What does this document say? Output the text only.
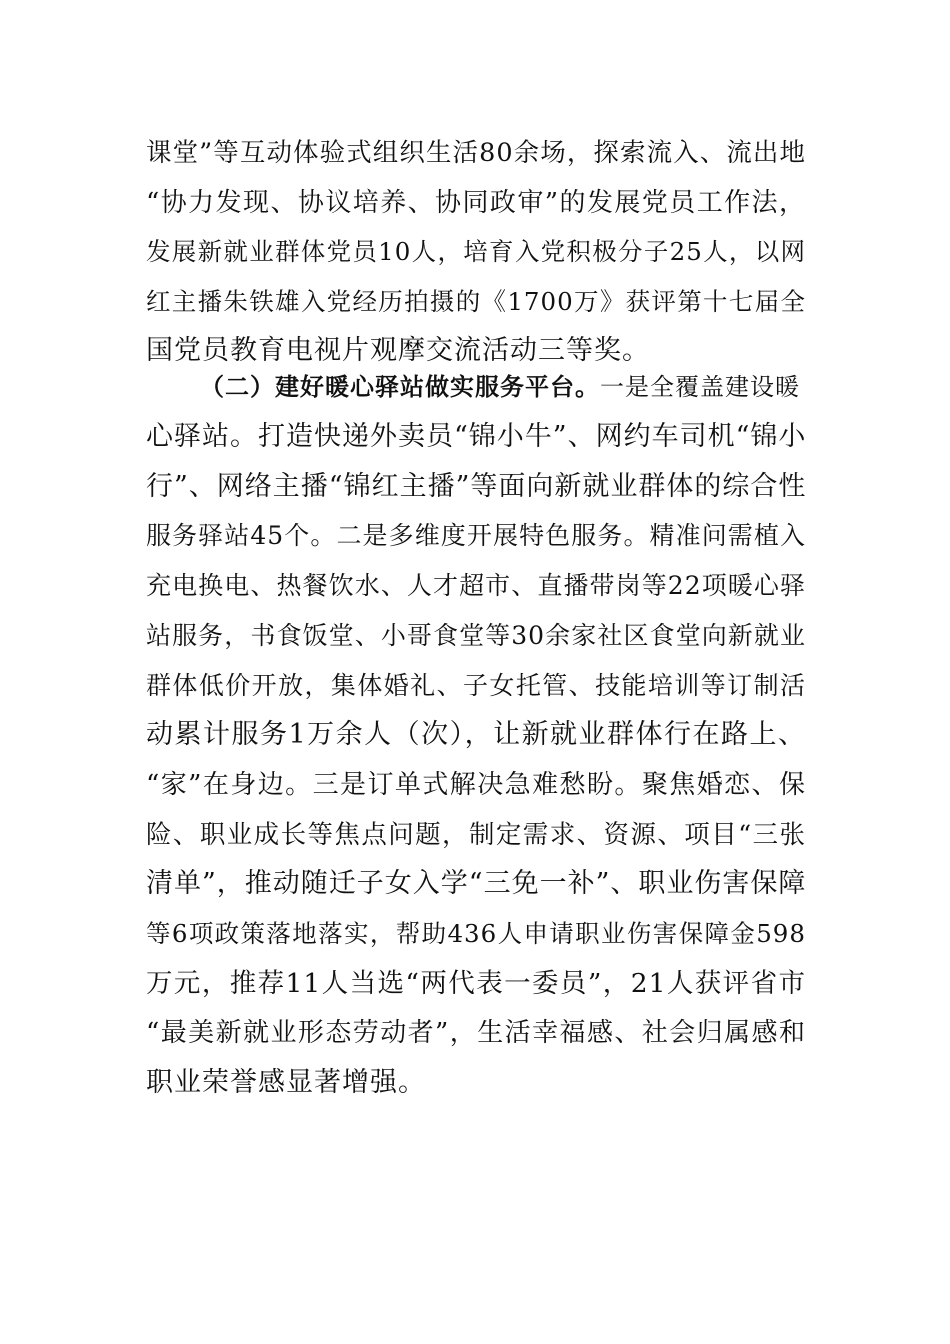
课堂”等互动体验式组织生活80余场，探索流入、流出地
“协力发现、协议培养、协同政审”的发展党员工作法，
发展新就业群体党员10人，培育入党积极分子25人，以网
红主播朱铁雄入党经历拍摄的《1700万》获评第十七届全
国党员教育电视片观摩交流活动三等奖。
（二）建好暖心驿站做实服务平台。一是全覆盖建设暖
心驿站。打造快递外卖员“锦小牛”、网约车司机“锦小
行”、网络主播“锦红主播”等面向新就业群体的综合性
服务驿站45个。二是多维度开展特色服务。精准问需植入
充电换电、热餐饮水、人才超市、直播带岗等22项暖心驿
站服务，书食饭堂、小哥食堂等30余家社区食堂向新就业
群体低价开放，集体婚礼、子女托管、技能培训等订制活
动累计服务1万余人（次），让新就业群体行在路上、
“家”在身边。三是订单式解决急难愁盼。聚焦婚恋、保
险、职业成长等焦点问题，制定需求、资源、项目“三张
清单”，推动随迁子女入学“三免一补”、职业伤害保障
等6项政策落地落实，帮助436人申请职业伤害保障金598
万元，推荐11人当选“两代表一委员”，21人获评省市
“最美新就业形态劳动者”，生活幸福感、社会归属感和
职业荣誉感显著增强。
